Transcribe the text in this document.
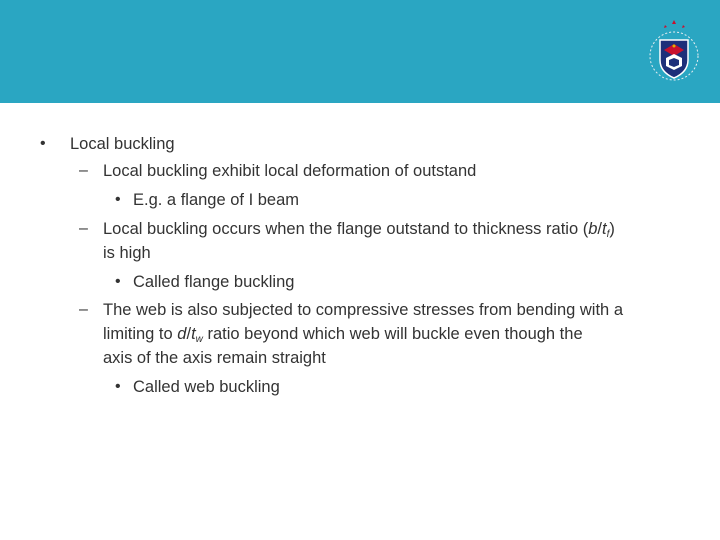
• Local buckling
– Local buckling exhibit local deformation of outstand
• E.g. a flange of I beam
– Local buckling occurs when the flange outstand to thickness ratio $(b/t_f)$
is high
• Called flange buckling
– The web is also subjected to compressive stresses from bending with a
limiting to $d/t_w$ ratio beyond which web will buckle even though the
axis of the axis remain straight
• Called web buckling
